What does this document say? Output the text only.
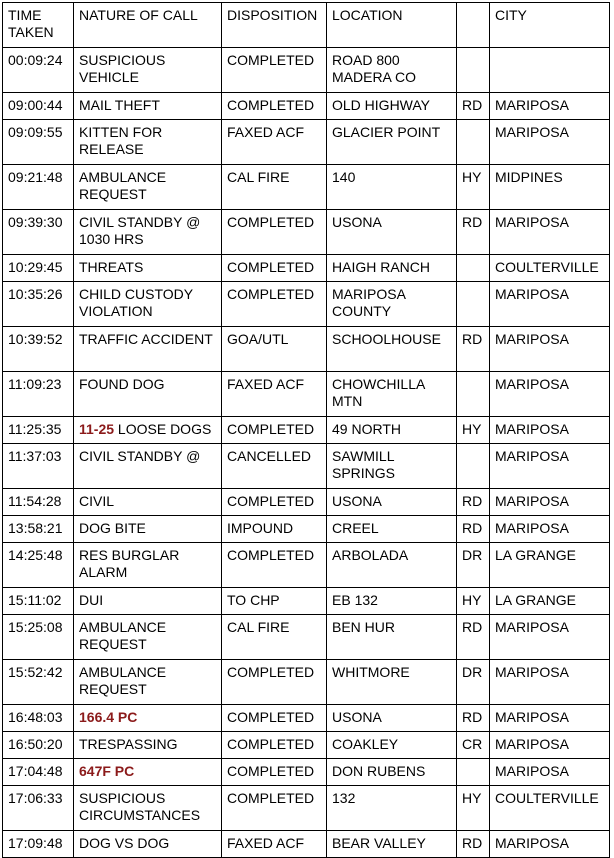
TIME TAKEN	NATURE OF CALL	DISPOSITION	LOCATION		CITY
00:09:24	SUSPICIOUS VEHICLE	COMPLETED	ROAD 800 MADERA CO		
09:00:44	MAIL THEFT	COMPLETED	OLD HIGHWAY	RD	MARIPOSA
09:09:55	KITTEN FOR RELEASE	FAXED ACF	GLACIER POINT		MARIPOSA
09:21:48	AMBULANCE REQUEST	CAL FIRE	140	HY	MIDPINES
09:39:30	CIVIL STANDBY @ 1030 HRS	COMPLETED	USONA	RD	MARIPOSA
10:29:45	THREATS	COMPLETED	HAIGH RANCH		COULTERVILLE
10:35:26	CHILD CUSTODY VIOLATION	COMPLETED	MARIPOSA COUNTY		MARIPOSA
10:39:52	TRAFFIC ACCIDENT	GOA/UTL	SCHOOLHOUSE	RD	MARIPOSA
11:09:23	FOUND DOG	FAXED ACF	CHOWCHILLA MTN		MARIPOSA
11:25:35	11-25 LOOSE DOGS	COMPLETED	49 NORTH	HY	MARIPOSA
11:37:03	CIVIL STANDBY @	CANCELLED	SAWMILL SPRINGS		MARIPOSA
11:54:28	CIVIL	COMPLETED	USONA	RD	MARIPOSA
13:58:21	DOG BITE	IMPOUND	CREEL	RD	MARIPOSA
14:25:48	RES BURGLAR ALARM	COMPLETED	ARBOLADA	DR	LA GRANGE
15:11:02	DUI	TO CHP	EB 132	HY	LA GRANGE
15:25:08	AMBULANCE REQUEST	CAL FIRE	BEN HUR	RD	MARIPOSA
15:52:42	AMBULANCE REQUEST	COMPLETED	WHITMORE	DR	MARIPOSA
16:48:03	166.4 PC	COMPLETED	USONA	RD	MARIPOSA
16:50:20	TRESPASSING	COMPLETED	COAKLEY	CR	MARIPOSA
17:04:48	647F PC	COMPLETED	DON RUBENS		MARIPOSA
17:06:33	SUSPICIOUS CIRCUMSTANCES	COMPLETED	132	HY	COULTERVILLE
17:09:48	DOG VS DOG	FAXED ACF	BEAR VALLEY	RD	MARIPOSA
